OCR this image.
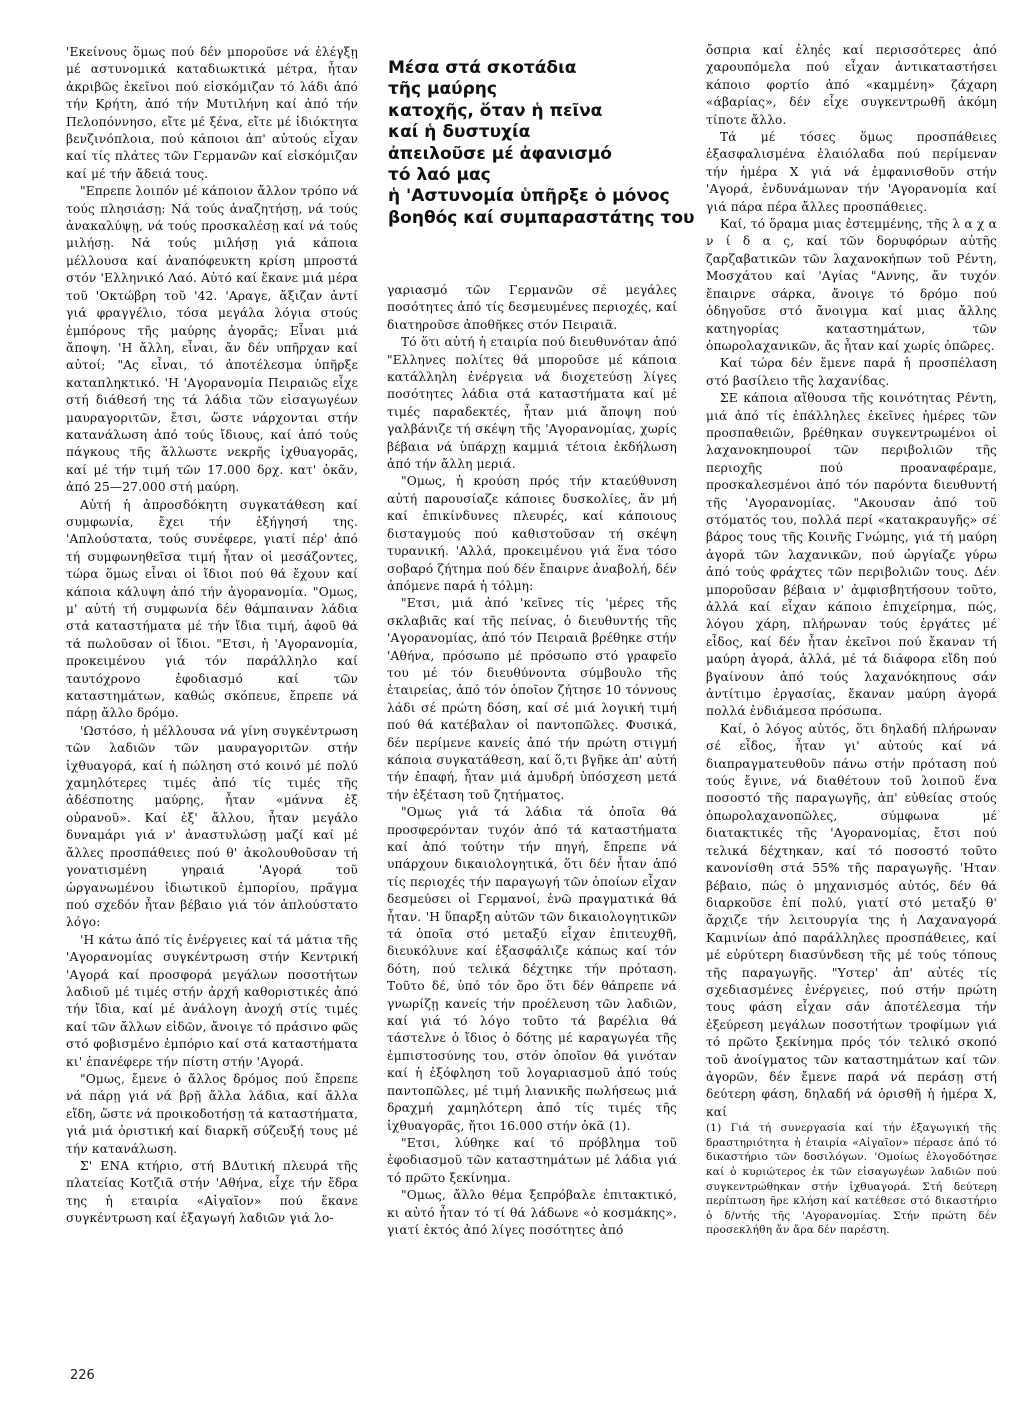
'Εκείνους ὅμως πού δέν μποροῦσε νά ἐλέγξῃ μέ αστυνομικά καταδιωκτικά μέτρα, ἦταν ἀκριβῶς ἐκεῖνοι πού εἰσκόμιζαν τό λάδι ἀπό τήν Κρήτη, ἀπό τήν Μυτιλήνη καί ἀπό τήν Πελοπόννησο, εἴτε μέ ξένα, εἴτε μέ ἰδιόκτητα βενζινόπλοια, πού κάποιοι ἀπ' αὐτούς εἶχαν καί τίς πλάτες τῶν Γερμανῶν καί εἰσκόμιζαν καί μέ τήν ἄδειά τους.

"Επρεπε λοιπόν μέ κάποιον ἄλλον τρόπο νά τούς πλησιάσῃ: Νά τούς ἀναζητήσῃ, νά τούς ἀνακαλύψῃ, νά τούς προσκαλέσῃ καί νά τούς μιλήσῃ. Νά τούς μιλήσῃ γιά κάποια μέλλουσα καί ἀναπόφευκτη κρίση μπροστά στόν 'Ελληνικό Λαό. Αὐτό καί ἔκανε μιά μέρα τοῦ 'Οκτώβρη τοῦ '42. 'Αραγε, ἄξιζαν ἀντί γιά φραγγέλιο, τόσα μεγάλα λόγια στούς ἐμπόρους τῆς μαύρης ἀγορᾶς; Εἶναι μιά ἄποψη. 'Η ἄλλη, εἶναι, ἄν δέν υπῆρχαν καί αὐτοί; "Ας εἶναι, τό ἀποτέλεσμα ὑπῆρξε καταπληκτικό. 'Η 'Αγορανομία Πειραιῶς εἶχε στή διάθεσή της τά λάδια τῶν εἰσαγωγέων μαυραγοριτῶν, ἔτσι, ὥστε νάρχονται στήν κατανάλωση ἀπό τούς ἴδιους, καί ἀπό τούς πάγκους τῆς ἄλλωστε νεκρῆς ἰχθυαγορᾶς, καί μέ τήν τιμή τῶν 17.000 δρχ. κατ' ὀκᾶν, ἀπό 25—27.000 στή μαύρη.

Αὐτή ἡ ἀπροσδόκητη συγκατάθεση καί συμφωνία, ἔχει τήν ἐξήγησή της. 'Απλούστατα, τούς συνέφερε, γιατί πέρ' ἀπό τή συμφωνηθεῖσα τιμή ἦταν οἱ μεσάζοντες, τώρα ὅμως εἶναι οἱ ἴδιοι πού θά ἔχουν καί κάποια κάλυψη ἀπό τήν ἀγορανομία. "Ομως, μ' αὐτή τή συμφωνία δέν θάμπαιναν λάδια στά καταστήματα μέ τήν ἴδια τιμή, ἀφοῦ θά τά πωλοῦσαν οἱ ἴδιοι. "Ετσι, ἡ 'Αγορανομία, προκειμένου γιά τόν παράλληλο καί ταυτόχρονο ἐφοδιασμό καί τῶν καταστημάτων, καθώς σκόπευε, ἔπρεπε νά πάρῃ ἄλλο δρόμο.

'Ωστόσο, ἡ μέλλουσα νά γίνη συγκέντρωση τῶν λαδιῶν τῶν μαυραγοριτῶν στήν ἰχθυαγορά, καί ἡ πώληση στό κοινό μέ πολύ χαμηλότερες τιμές ἀπό τίς τιμές τῆς ἀδέσποτης μαύρης, ἦταν «μάννα ἐξ οὐρανοῦ». Καί ἐξ' ἄλλου, ἦταν μεγάλο δυναμάρι γιά ν' ἀναστυλώσῃ μαζί καί μέ ἄλλες προσπάθειες πού θ' ἀκολουθοῦσαν τή γονατισμένη γηραιά 'Αγορά τοῦ ὡργανωμένου ἰδιωτικοῦ ἐμπορίου, πρᾶγμα πού σχεδόν ἦταν βέβαιο γιά τόν ἁπλούστατο λόγο:

'Η κάτω ἀπό τίς ἐνέργειες καί τά μάτια τῆς 'Αγορανομίας συγκέντρωση στήν Κεντρική 'Αγορά καί προσφορά μεγάλων ποσοτήτων λαδιοῦ μέ τιμές στήν ἀρχή καθοριστικές ἀπό τήν ἴδια, καί μέ ἀνάλογη ἀνοχή στίς τιμές καί τῶν ἄλλων εἰδῶν, ἄνοιγε τό πράσινο φῶς στό φοβισμένο ἐμπόριο καί στά καταστήματα κι' ἐπανέφερε τήν πίστη στήν 'Αγορά.

"Ομως, ἔμενε ὁ ἄλλος δρόμος πού ἔπρεπε νά πάρῃ γιά νά βρῇ ἄλλα λάδια, καί ἄλλα εἴδη, ὥστε νά προικοδοτήσῃ τά καταστήματα, γιά μιά ὁριστική καί διαρκῆ σύζευξή τους μέ τήν κατανάλωση.

Σ' ΕΝΑ κτήριο, στή ΒΔυτική πλευρά τῆς πλατείας Κοτζιᾶ στήν 'Αθήνα, εἶχε τήν ἔδρα της ἡ εταιρία «Αἰγαῖον» πού ἔκανε συγκέντρωση καί ἐξαγωγή λαδιῶν γιά λο-

Μέσα στά σκοτάδια
τῆς μαύρης
κατοχῆς, ὅταν ἡ πεῖνα
καί ἡ δυστυχία
ἀπειλοῦσε μέ ἀφανισμό
τό λαό μας
ἡ 'Αστυνομία ὑπῆρξε ὁ μόνος
βοηθός καί συμπαραστάτης του

γαριασμό τῶν Γερμανῶν σέ μεγάλες ποσότητες ἀπό τίς δεσμευμένες περιοχές, καί διατηροῦσε ἀποθῆκες στόν Πειραιᾶ.

Τό ὅτι αὐτή ἡ εταιρία πού διευθυνόταν ἀπό "Ελληνες πολίτες θά μποροῦσε μέ κάποια κατάλληλη ἐνέργεια νά διοχετεύσῃ λίγες ποσότητες λάδια στά καταστήματα καί μέ τιμές παραδεκτές, ἦταν μιά ἄποψη πού γαλβάνιζε τή σκέψη τῆς 'Αγορανομίας, χωρίς βέβαια νά ὑπάρχῃ καμμιά τέτοια ἐκδήλωση ἀπό τήν ἄλλη μεριά.

"Ομως, ἡ κρούση πρός τήν κταεύθυνση αὐτή παρουσίαζε κάποιες δυσκολίες, ἄν μή καί ἐπικίνδυνες πλευρές, καί κάποιους δισταγμούς πού καθιστοῦσαν τή σκέψη τυρανική. 'Αλλά, προκειμένου γιά ἕνα τόσο σοβαρό ζήτημα πού δέν ἔπαιρνε ἀναβολή, δέν ἀπόμενε παρά ἡ τόλμη:

"Ετσι, μιά ἀπό 'κεῖνες τίς 'μέρες τῆς σκλαβιᾶς καί τῆς πείνας, ὁ διευθυντής τῆς 'Αγορανομίας, ἀπό τόν Πειραιᾶ βρέθηκε στήν 'Αθήνα, πρόσωπο μέ πρόσωπο στό γραφεῖο του μέ τόν διευθύνοντα σύμβουλο τῆς ἑταιρείας, ἀπό τόν ὁποῖον ζήτησε 10 τόννους λάδι σέ πρώτη δόση, καί σέ μιά λογική τιμή πού θά κατέβαλαν οἱ παντοπῶλες. Φυσικά, δέν περίμενε κανείς ἀπό τήν πρώτη στιγμή κάποια συγκατάθεση, καί ὅ,τι βγῆκε ἀπ' αὐτή τήν ἐπαφή, ἦταν μιά ἀμυδρή ὑπόσχεση μετά τήν ἐξέταση τοῦ ζητήματος.

"Ομως γιά τά λάδια τά ὁποῖα θά προσφερόνταν τυχόν ἀπό τά καταστήματα καί ἀπό τούτην τήν πηγή, ἔπρεπε νά υπάρχουν δικαιολογητικά, ὅτι δέν ἦταν ἀπό τίς περιοχές τήν παραγωγή τῶν ὁποίων εἶχαν δεσμεύσει οἱ Γερμανοί, ἐνῶ πραγματικά θά ἦταν. 'Η ὕπαρξη αὐτῶν τῶν δικαιολογητικῶν τά ὁποῖα στό μεταξύ εἶχαν ἐπιτευχθῆ, διευκόλυνε καί ἐξασφάλιζε κάπως καί τόν δότη, πού τελικά δέχτηκε τήν πρόταση. Τοῦτο δέ, ὑπό τόν ὅρο ὅτι δέν θάπρεπε νά γνωρίζῃ κανείς τήν προέλευση τῶν λαδιῶν, καί γιά τό λόγο τοῦτο τά βαρέλια θά τάστελνε ὁ ἴδιος ὁ δότης μέ καραγωγέα τῆς ἐμπιστοσύνης του, στόν ὁποῖον θά γινόταν καί ἡ ἐξόφληση τοῦ λογαριασμοῦ ἀπό τούς παντοπῶλες, μέ τιμή λιανικῆς πωλήσεως μιά δραχμή χαμηλότερη ἀπό τίς τιμές τῆς ἰχθυαγορᾶς, ἤτοι 16.000 στήν ὀκᾶ (1).

"Ετσι, λύθηκε καί τό πρόβλημα τοῦ ἐφοδιασμοῦ τῶν καταστημάτων μέ λάδια γιά τό πρῶτο ξεκίνημα.

"Ομως, ἄλλο θέμα ξεπρόβαλε ἐπιτακτικό, κι αὐτό ἦταν τό τί θά λάδωνε «ὁ κοσμάκης», γιατί ἐκτός ἀπό λίγες ποσότητες ἀπό

ὄσπρια καί ἐληές καί περισσότερες ἀπό χαρουπόμελα πού εἶχαν ἀντικαταστήσει κάποιο φορτίο ἀπό «καμμένη» ζάχαρη «άβαρίας», δέν εἶχε συγκεντρωθῆ ἀκόμη τίποτε ἄλλο.

Τά μέ τόσες ὅμως προσπάθειες ἐξασφαλισμένα ἐλαιόλαδα πού περίμεναν τήν ἡμέρα Χ γιά νά ἐμφανισθοῦν στήν 'Αγορά, ἐνδυνάμωναν τήν 'Αγορανομία καί γιά πάρα πέρα ἄλλες προσπάθειες.

Καί, τό ὅραμα μιας ἐστεμμένης, τῆς λ α χ α ν ί δ α ς, καί τῶν δορυφόρων αὐτῆς ζαρζαβατικῶν τῶν λαχανοκήπων τοῦ Ρέντη, Μοσχάτου καί 'Αγίας "Αννης, ἄν τυχόν ἔπαιρνε σάρκα, ἄνοιγε τό δρόμο πού ὁδηγοῦσε στό ἄνοιγμα καί μιας ἄλλης κατηγορίας καταστημάτων, τῶν ὀπωρολαχανικῶν, ἄς ἦταν καί χωρίς ὀπῶρες.

Καί τώρα δέν ἔμενε παρά ἡ προσπέλαση στό βασίλειο τῆς λαχανίδας.

ΣΕ κάποια αἴθουσα τῆς κοινότητας Ρέντη, μιά ἀπό τίς ἐπάλληλες ἐκεῖνες ἡμέρες τῶν προσπαθειῶν, βρέθηκαν συγκεντρωμένοι οἱ λαχανοκηπουροί τῶν περιβολιῶν τῆς περιοχῆς πού προαναφέραμε, προσκαλεσμένοι ἀπό τόν παρόντα διευθυντή τῆς 'Αγορανομίας. "Ακουσαν ἀπό τοῦ στόματός του, πολλά περί «κατακραυγῆς» σέ βάρος τους τῆς Κοινῆς Γνώμης, γιά τή μαύρη ἀγορά τῶν λαχανικῶν, πού ὡργίαζε γύρω ἀπό τούς φράχτες τῶν περιβολιῶν τους. Δέν μποροῦσαν βέβαια ν' ἀμφισβητήσουν τοῦτο, ἀλλά καί εἶχαν κάποιο ἐπιχείρημα, πώς, λόγου χάρη, πλήρωναν τούς ἐργάτες μέ εἶδος, καί δέν ἦταν ἐκεῖνοι πού ἔκαναν τή μαύρη ἀγορά, ἀλλά, μέ τά διάφορα εἴδη πού βγαίνουν ἀπό τούς λαχανόκηπους σάν ἀντίτιμο ἐργασίας, ἔκαναν μαύρη ἀγορά πολλά ἐνδιάμεσα πρόσωπα.

Καί, ὁ λόγος αὐτός, ὅτι δηλαδή πλήρωναν σέ εἶδος, ἦταν γι' αὐτούς καί νά διαπραγματευθοῦν πάνω στήν πρόταση πού τούς ἔγινε, νά διαθέτουν τοῦ λοιποῦ ἕνα ποσοστό τῆς παραγωγῆς, ἀπ' εὐθείας στούς ὀπωρολαχανοπῶλες, σύμφωνα μέ διατακτικές τῆς 'Αγορανομίας, ἔτσι πού τελικά δέχτηκαν, καί τό ποσοστό τοῦτο κανονίσθη στά 55% τῆς παραγωγῆς. 'Ηταν βέβαιο, πώς ὁ μηχανισμός αὐτός, δέν θά διαρκοῦσε ἐπί πολύ, γιατί στό μεταξύ θ' ἄρχιζε τήν λειτουργία της ἡ Λαχαναγορά Καμινίων ἀπό παράλληλες προσπάθειες, καί μέ εὐρύτερη διασύνδεση τῆς μέ τούς τόπους τῆς παραγωγῆς. "Υστερ' ἀπ' αὐτές τίς σχεδιασμένες ἐνέργειες, πού στήν πρώτη τους φάση εἶχαν σάν ἀποτέλεσμα τήν ἐξεύρεση μεγάλων ποσοτήτων τροφίμων γιά τό πρῶτο ξεκίνημα πρός τόν τελικό σκοπό τοῦ ἀνοίγματος τῶν καταστημάτων καί τῶν ἀγορῶν, δέν ἔμενε παρά νά περάσῃ στή δεύτερη φάση, δηλαδή νά ὁρισθῆ ἡ ἡμέρα Χ, καί

(1) Γιά τή συνεργασία καί τήν ἐξαγωγική τῆς δραστηριότητα ἡ ἑταιρία «Αἰγαῖον» πέρασε ἀπό τό δικαστήριο τῶν δοσιλόγων. 'Ομοίως ἐλογοδότησε καί ὁ κυριώτερος ἐκ τῶν εἰσαγωγέων λαδιῶν πού συγκεντρώθηκαν στήν ἰχθυαγορά. Στή δεύτερη περίπτωση ῆρε κλήση καί κατέθεσε στό δικαστήριο ὁ δ/ντής τῆς 'Αγορανομίας. Στήν πρώτη δέν προσεκλήθη ἄν ἄρα δέν παρέστη.

226
